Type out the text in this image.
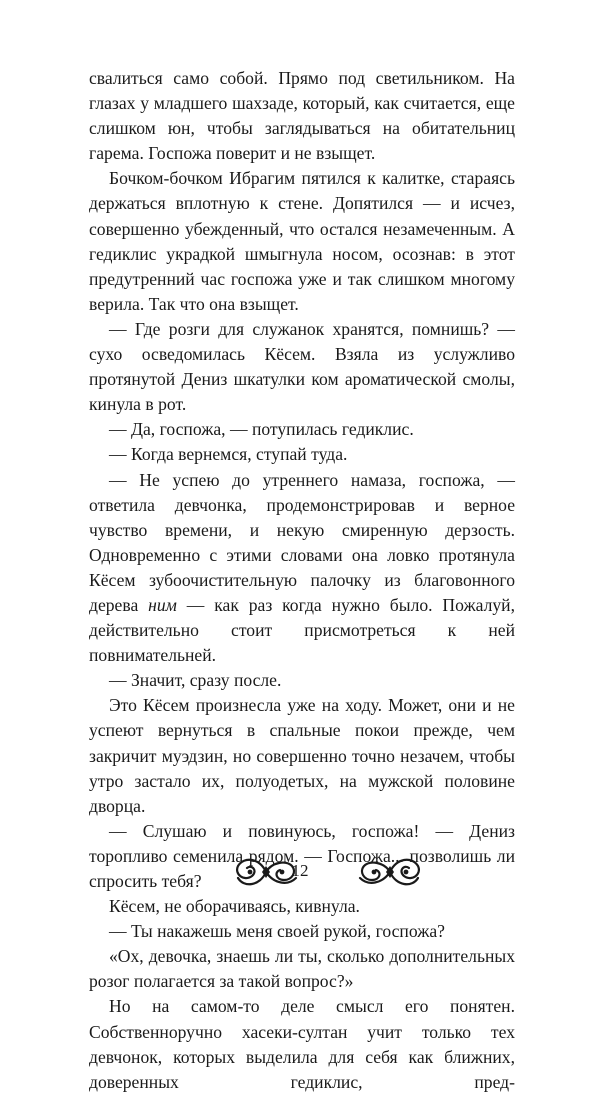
свалиться само собой. Прямо под светильником. На глазах у младшего шахзаде, который, как считается, еще слишком юн, чтобы заглядываться на обитательниц гарема. Госпожа поверит и не взыщет.

Бочком-бочком Ибрагим пятился к калитке, стараясь держаться вплотную к стене. Допятился — и исчез, совершенно убежденный, что остался незамеченным. А гедиклис украдкой шмыгнула носом, осознав: в этот предутренний час госпожа уже и так слишком многому верила. Так что она взыщет.

— Где розги для служанок хранятся, помнишь? — сухо осведомилась Кёсем. Взяла из услужливо протянутой Дениз шкатулки ком ароматической смолы, кинула в рот.

— Да, госпожа, — потупилась гедиклис.

— Когда вернемся, ступай туда.

— Не успею до утреннего намаза, госпожа, — ответила девчонка, продемонстрировав и верное чувство времени, и некую смиренную дерзость. Одновременно с этими словами она ловко протянула Кёсем зубоочистительную палочку из благовонного дерева ним — как раз когда нужно было. Пожалуй, действительно стоит присмотреться к ней повнимательней.

— Значит, сразу после.

Это Кёсем произнесла уже на ходу. Может, они и не успеют вернуться в спальные покои прежде, чем закричит муэдзин, но совершенно точно незачем, чтобы утро застало их, полуодетых, на мужской половине дворца.

— Слушаю и повинуюсь, госпожа! — Дениз торопливо семенила рядом. — Госпожа... позволишь ли спросить тебя?

Кёсем, не оборачиваясь, кивнула.

— Ты накажешь меня своей рукой, госпожа?

«Ох, девочка, знаешь ли ты, сколько дополнительных розог полагается за такой вопрос?»

Но на самом-то деле смысл его понятен. Собственноручно хасеки-султан учит только тех девчонок, которых выделила для себя как ближних, доверенных гедиклис, пред-

12
